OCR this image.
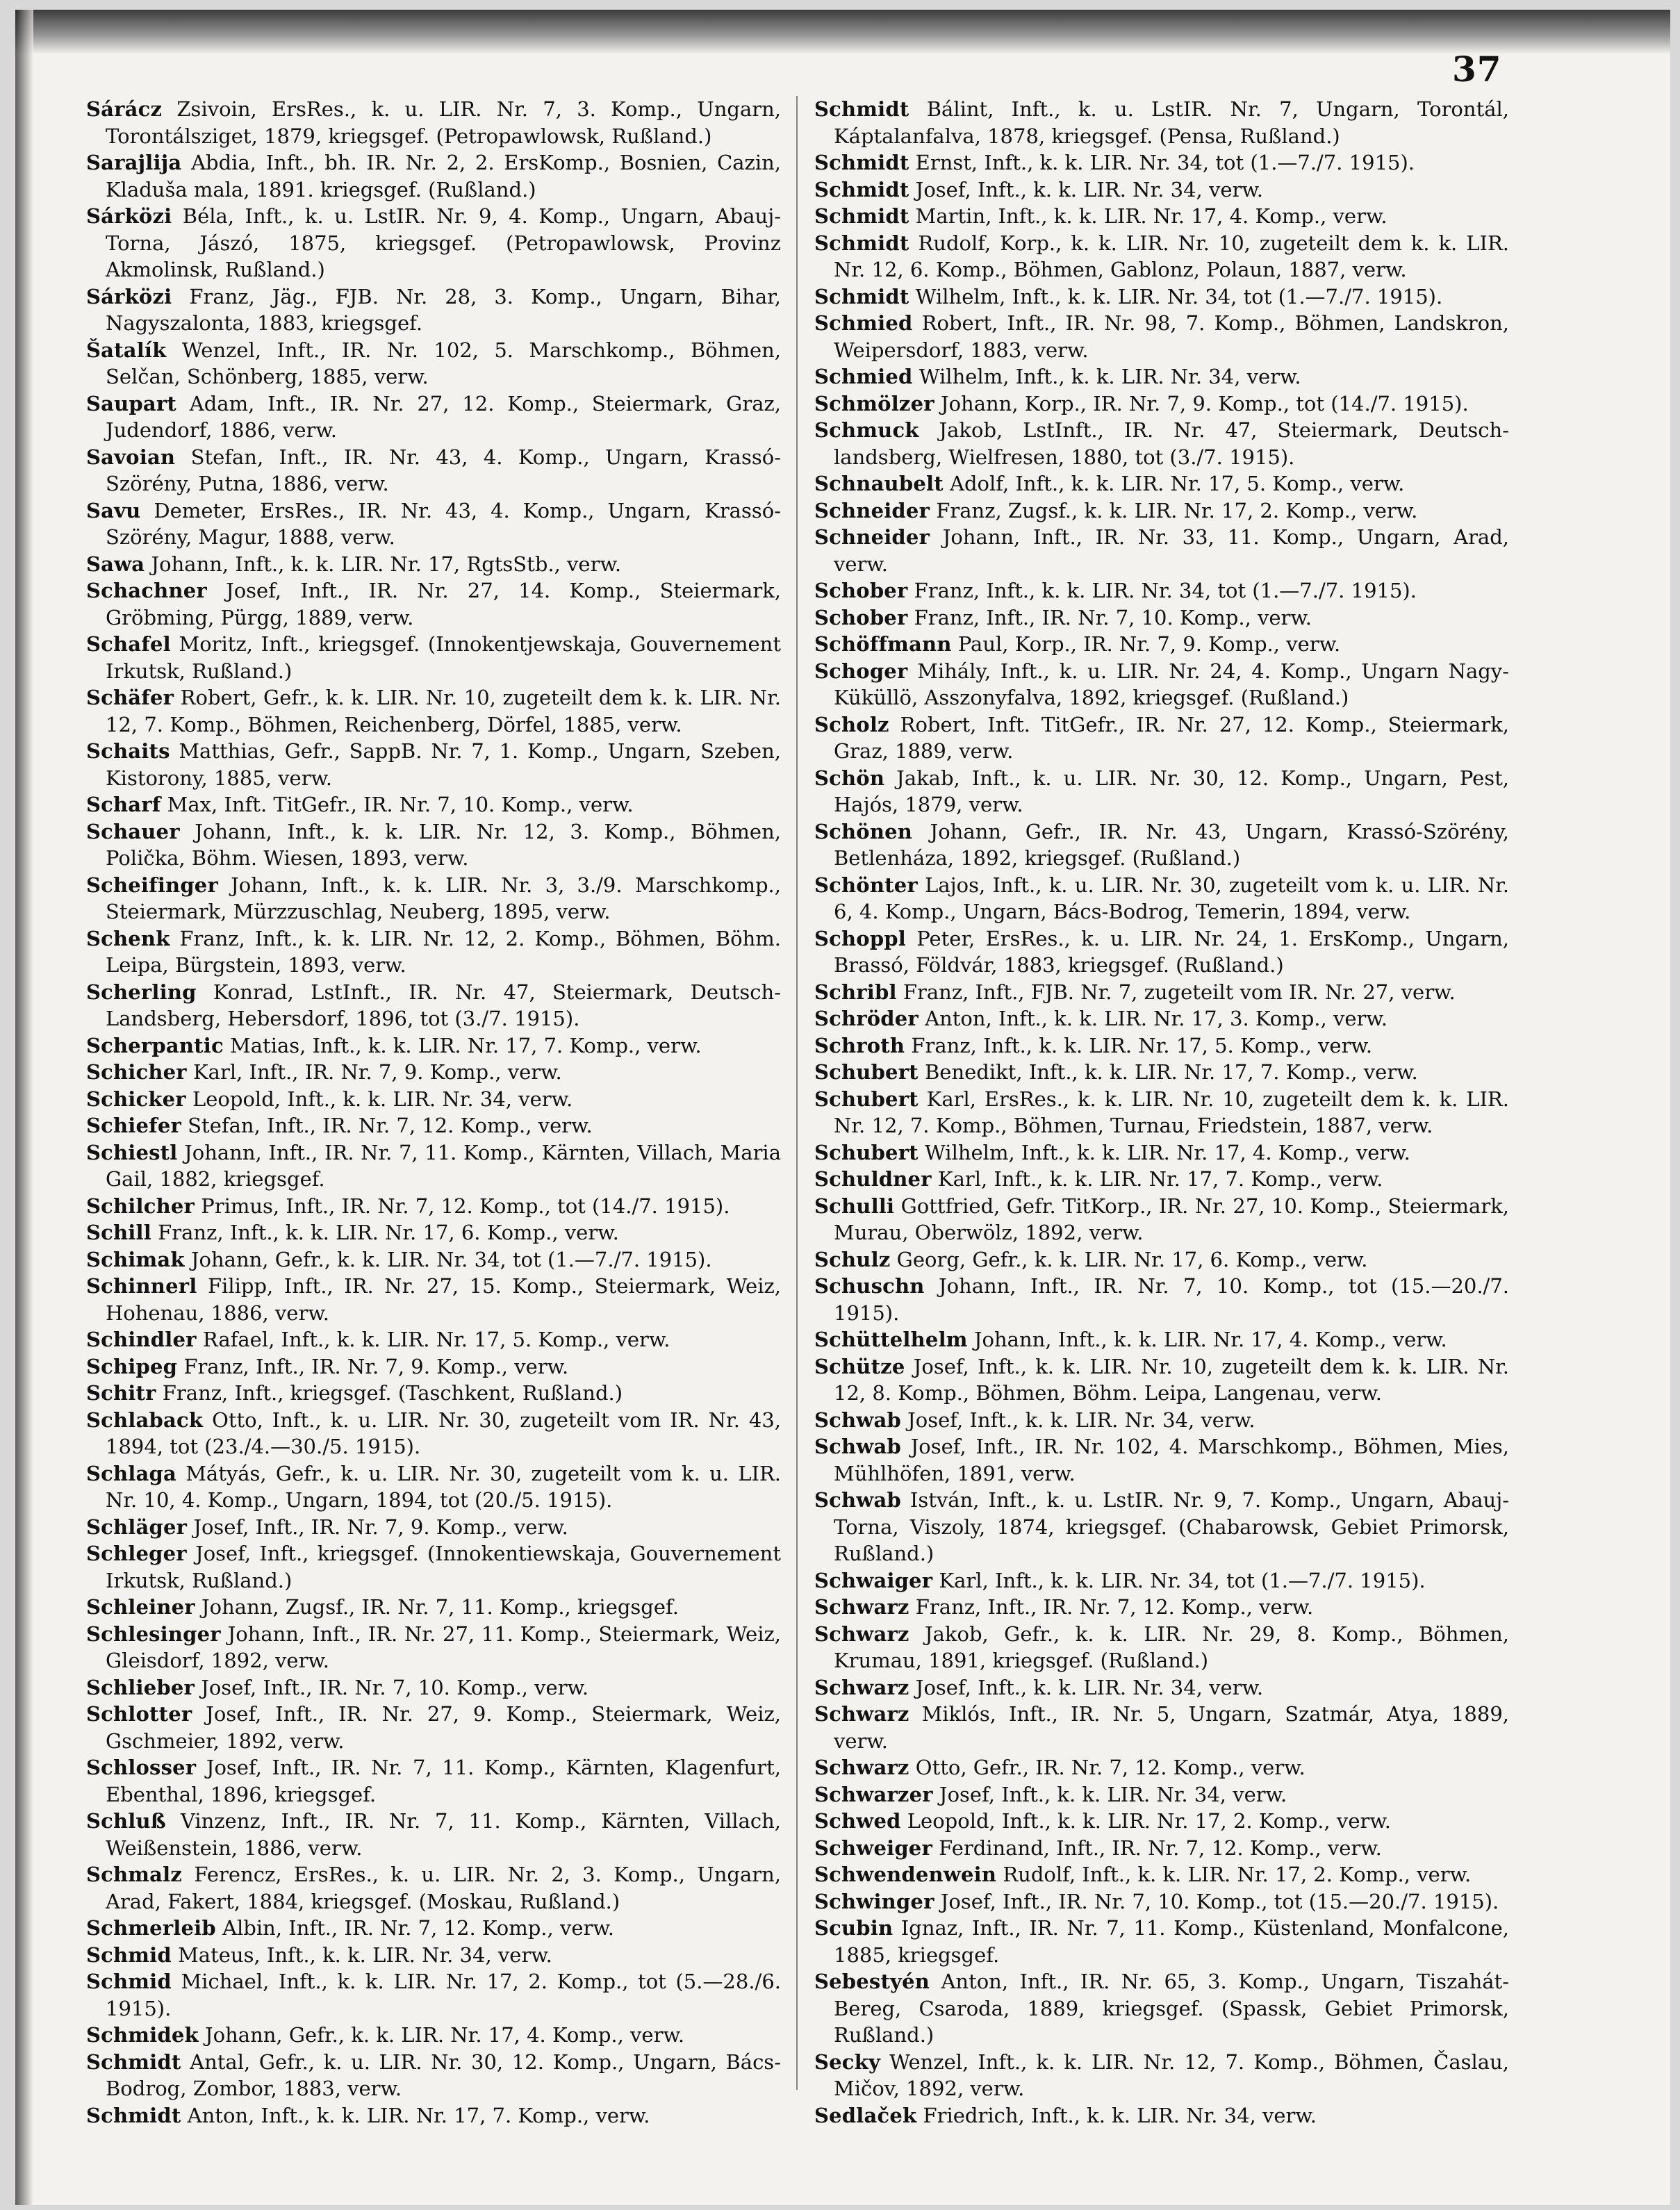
37

Sárácz Zsivoin, ErsRes., k. u. LIR. Nr. 7, 3. Komp., Ungarn, Torontálsziget, 1879, kriegsgef. (Petropawlowsk, Rußland.)

Sarajlija Abdia, Inft., bh. IR. Nr. 2, 2. ErsKomp., Bosnien, Cazin, Kladuša mala, 1891. kriegsgef. (Rußland.)

Sárközi Béla, Inft., k. u. LstIR. Nr. 9, 4. Komp., Ungarn, Abauj-Torna, Jászó, 1875, kriegsgef. (Petropawlowsk, Provinz Akmolinsk, Rußland.)

Sárközi Franz, Jäg., FJB. Nr. 28, 3. Komp., Ungarn, Bihar, Nagyszalonta, 1883, kriegsgef.

Šatalík Wenzel, Inft., IR. Nr. 102, 5. Marschkomp., Böhmen, Selčan, Schönberg, 1885, verw.

Saupart Adam, Inft., IR. Nr. 27, 12. Komp., Steiermark, Graz, Judendorf, 1886, verw.

Savoian Stefan, Inft., IR. Nr. 43, 4. Komp., Ungarn, Krassó-Szörény, Putna, 1886, verw.

Savu Demeter, ErsRes., IR. Nr. 43, 4. Komp., Ungarn, Krassó-Szörény, Magur, 1888, verw.

Sawa Johann, Inft., k. k. LIR. Nr. 17, RgtsStb., verw.

Schachner Josef, Inft., IR. Nr. 27, 14. Komp., Steiermark, Gröbming, Pürgg, 1889, verw.

Schafel Moritz, Inft., kriegsgef. (Innokentjewskaja, Gouvernement Irkutsk, Rußland.)

Schäfer Robert, Gefr., k. k. LIR. Nr. 10, zugeteilt dem k. k. LIR. Nr. 12, 7. Komp., Böhmen, Reichenberg, Dörfel, 1885, verw.

Schaits Matthias, Gefr., SappB. Nr. 7, 1. Komp., Ungarn, Szeben, Kistorony, 1885, verw.

Scharf Max, Inft. TitGefr., IR. Nr. 7, 10. Komp., verw.

Schauer Johann, Inft., k. k. LIR. Nr. 12, 3. Komp., Böhmen, Polička, Böhm. Wiesen, 1893, verw.

Scheifinger Johann, Inft., k. k. LIR. Nr. 3, 3./9. Marschkomp., Steiermark, Mürzzuschlag, Neuberg, 1895, verw.

Schenk Franz, Inft., k. k. LIR. Nr. 12, 2. Komp., Böhmen, Böhm. Leipa, Bürgstein, 1893, verw.

Scherling Konrad, LstInft., IR. Nr. 47, Steiermark, Deutsch-Landsberg, Hebersdorf, 1896, tot (3./7. 1915).

Scherpantic Matias, Inft., k. k. LIR. Nr. 17, 7. Komp., verw.

Schicher Karl, Inft., IR. Nr. 7, 9. Komp., verw.

Schicker Leopold, Inft., k. k. LIR. Nr. 34, verw.

Schiefer Stefan, Inft., IR. Nr. 7, 12. Komp., verw.

Schiestl Johann, Inft., IR. Nr. 7, 11. Komp., Kärnten, Villach, Maria Gail, 1882, kriegsgef.

Schilcher Primus, Inft., IR. Nr. 7, 12. Komp., tot (14./7. 1915).

Schill Franz, Inft., k. k. LIR. Nr. 17, 6. Komp., verw.

Schimak Johann, Gefr., k. k. LIR. Nr. 34, tot (1.—7./7. 1915).

Schinnerl Filipp, Inft., IR. Nr. 27, 15. Komp., Steiermark, Weiz, Hohenau, 1886, verw.

Schindler Rafael, Inft., k. k. LIR. Nr. 17, 5. Komp., verw.

Schipeg Franz, Inft., IR. Nr. 7, 9. Komp., verw.

Schitr Franz, Inft., kriegsgef. (Taschkent, Rußland.)

Schlaback Otto, Inft., k. u. LIR. Nr. 30, zugeteilt vom IR. Nr. 43, 1894, tot (23./4.—30./5. 1915).

Schlaga Mátyás, Gefr., k. u. LIR. Nr. 30, zugeteilt vom k. u. LIR. Nr. 10, 4. Komp., Ungarn, 1894, tot (20./5. 1915).

Schläger Josef, Inft., IR. Nr. 7, 9. Komp., verw.

Schleger Josef, Inft., kriegsgef. (Innokentiewskaja, Gouvernement Irkutsk, Rußland.)

Schleiner Johann, Zugsf., IR. Nr. 7, 11. Komp., kriegsgef.

Schlesinger Johann, Inft., IR. Nr. 27, 11. Komp., Steiermark, Weiz, Gleisdorf, 1892, verw.

Schlieber Josef, Inft., IR. Nr. 7, 10. Komp., verw.

Schlotter Josef, Inft., IR. Nr. 27, 9. Komp., Steiermark, Weiz, Gschmeier, 1892, verw.

Schlosser Josef, Inft., IR. Nr. 7, 11. Komp., Kärnten, Klagenfurt, Ebenthal, 1896, kriegsgef.

Schluß Vinzenz, Inft., IR. Nr. 7, 11. Komp., Kärnten, Villach, Weißenstein, 1886, verw.

Schmalz Ferencz, ErsRes., k. u. LIR. Nr. 2, 3. Komp., Ungarn, Arad, Fakert, 1884, kriegsgef. (Moskau, Rußland.)

Schmerleib Albin, Inft., IR. Nr. 7, 12. Komp., verw.

Schmid Mateus, Inft., k. k. LIR. Nr. 34, verw.

Schmid Michael, Inft., k. k. LIR. Nr. 17, 2. Komp., tot (5.—28./6. 1915).

Schmidek Johann, Gefr., k. k. LIR. Nr. 17, 4. Komp., verw.

Schmidt Antal, Gefr., k. u. LIR. Nr. 30, 12. Komp., Ungarn, Bács-Bodrog, Zombor, 1883, verw.

Schmidt Anton, Inft., k. k. LIR. Nr. 17, 7. Komp., verw.

Schmidt Bálint, Inft., k. u. LstIR. Nr. 7, Ungarn, Torontál, Káptalanfalva, 1878, kriegsgef. (Pensa, Rußland.)

Schmidt Ernst, Inft., k. k. LIR. Nr. 34, tot (1.—7./7. 1915).

Schmidt Josef, Inft., k. k. LIR. Nr. 34, verw.

Schmidt Martin, Inft., k. k. LIR. Nr. 17, 4. Komp., verw.

Schmidt Rudolf, Korp., k. k. LIR. Nr. 10, zugeteilt dem k. k. LIR. Nr. 12, 6. Komp., Böhmen, Gablonz, Polaun, 1887, verw.

Schmidt Wilhelm, Inft., k. k. LIR. Nr. 34, tot (1.—7./7. 1915).

Schmied Robert, Inft., IR. Nr. 98, 7. Komp., Böhmen, Landskron, Weipersdorf, 1883, verw.

Schmied Wilhelm, Inft., k. k. LIR. Nr. 34, verw.

Schmölzer Johann, Korp., IR. Nr. 7, 9. Komp., tot (14./7. 1915).

Schmuck Jakob, LstInft., IR. Nr. 47, Steiermark, Deutsch-landsberg, Wielfresen, 1880, tot (3./7. 1915).

Schnaubelt Adolf, Inft., k. k. LIR. Nr. 17, 5. Komp., verw.

Schneider Franz, Zugsf., k. k. LIR. Nr. 17, 2. Komp., verw.

Schneider Johann, Inft., IR. Nr. 33, 11. Komp., Ungarn, Arad, verw.

Schober Franz, Inft., k. k. LIR. Nr. 34, tot (1.—7./7. 1915).

Schober Franz, Inft., IR. Nr. 7, 10. Komp., verw.

Schöffmann Paul, Korp., IR. Nr. 7, 9. Komp., verw.

Schoger Mihály, Inft., k. u. LIR. Nr. 24, 4. Komp., Ungarn Nagy-Küküllö, Asszonyfalva, 1892, kriegsgef. (Rußland.)

Scholz Robert, Inft. TitGefr., IR. Nr. 27, 12. Komp., Steiermark, Graz, 1889, verw.

Schön Jakab, Inft., k. u. LIR. Nr. 30, 12. Komp., Ungarn, Pest, Hajós, 1879, verw.

Schönen Johann, Gefr., IR. Nr. 43, Ungarn, Krassó-Szörény, Betlenháza, 1892, kriegsgef. (Rußland.)

Schönter Lajos, Inft., k. u. LIR. Nr. 30, zugeteilt vom k. u. LIR. Nr. 6, 4. Komp., Ungarn, Bács-Bodrog, Temerin, 1894, verw.

Schoppl Peter, ErsRes., k. u. LIR. Nr. 24, 1. ErsKomp., Ungarn, Brassó, Földvár, 1883, kriegsgef. (Rußland.)

Schribl Franz, Inft., FJB. Nr. 7, zugeteilt vom IR. Nr. 27, verw.

Schröder Anton, Inft., k. k. LIR. Nr. 17, 3. Komp., verw.

Schroth Franz, Inft., k. k. LIR. Nr. 17, 5. Komp., verw.

Schubert Benedikt, Inft., k. k. LIR. Nr. 17, 7. Komp., verw.

Schubert Karl, ErsRes., k. k. LIR. Nr. 10, zugeteilt dem k. k. LIR. Nr. 12, 7. Komp., Böhmen, Turnau, Friedstein, 1887, verw.

Schubert Wilhelm, Inft., k. k. LIR. Nr. 17, 4. Komp., verw.

Schuldner Karl, Inft., k. k. LIR. Nr. 17, 7. Komp., verw.

Schulli Gottfried, Gefr. TitKorp., IR. Nr. 27, 10. Komp., Steiermark, Murau, Oberwölz, 1892, verw.

Schulz Georg, Gefr., k. k. LIR. Nr. 17, 6. Komp., verw.

Schuschn Johann, Inft., IR. Nr. 7, 10. Komp., tot (15.—20./7. 1915).

Schüttelhelm Johann, Inft., k. k. LIR. Nr. 17, 4. Komp., verw.

Schütze Josef, Inft., k. k. LIR. Nr. 10, zugeteilt dem k. k. LIR. Nr. 12, 8. Komp., Böhmen, Böhm. Leipa, Langenau, verw.

Schwab Josef, Inft., k. k. LIR. Nr. 34, verw.

Schwab Josef, Inft., IR. Nr. 102, 4. Marschkomp., Böhmen, Mies, Mühlhöfen, 1891, verw.

Schwab István, Inft., k. u. LstIR. Nr. 9, 7. Komp., Ungarn, Abauj-Torna, Viszoly, 1874, kriegsgef. (Chabarowsk, Gebiet Primorsk, Rußland.)

Schwaiger Karl, Inft., k. k. LIR. Nr. 34, tot (1.—7./7. 1915).

Schwarz Franz, Inft., IR. Nr. 7, 12. Komp., verw.

Schwarz Jakob, Gefr., k. k. LIR. Nr. 29, 8. Komp., Böhmen, Krumau, 1891, kriegsgef. (Rußland.)

Schwarz Josef, Inft., k. k. LIR. Nr. 34, verw.

Schwarz Miklós, Inft., IR. Nr. 5, Ungarn, Szatmár, Atya, 1889, verw.

Schwarz Otto, Gefr., IR. Nr. 7, 12. Komp., verw.

Schwarzer Josef, Inft., k. k. LIR. Nr. 34, verw.

Schwed Leopold, Inft., k. k. LIR. Nr. 17, 2. Komp., verw.

Schweiger Ferdinand, Inft., IR. Nr. 7, 12. Komp., verw.

Schwendenwein Rudolf, Inft., k. k. LIR. Nr. 17, 2. Komp., verw.

Schwinger Josef, Inft., IR. Nr. 7, 10. Komp., tot (15.—20./7. 1915).

Scubin Ignaz, Inft., IR. Nr. 7, 11. Komp., Küstenland, Monfalcone, 1885, kriegsgef.

Sebestyén Anton, Inft., IR. Nr. 65, 3. Komp., Ungarn, Tiszahát-Bereg, Csaroda, 1889, kriegsgef. (Spassk, Gebiet Primorsk, Rußland.)

Secky Wenzel, Inft., k. k. LIR. Nr. 12, 7. Komp., Böhmen, Časlau, Mičov, 1892, verw.

Sedlaček Friedrich, Inft., k. k. LIR. Nr. 34, verw.
